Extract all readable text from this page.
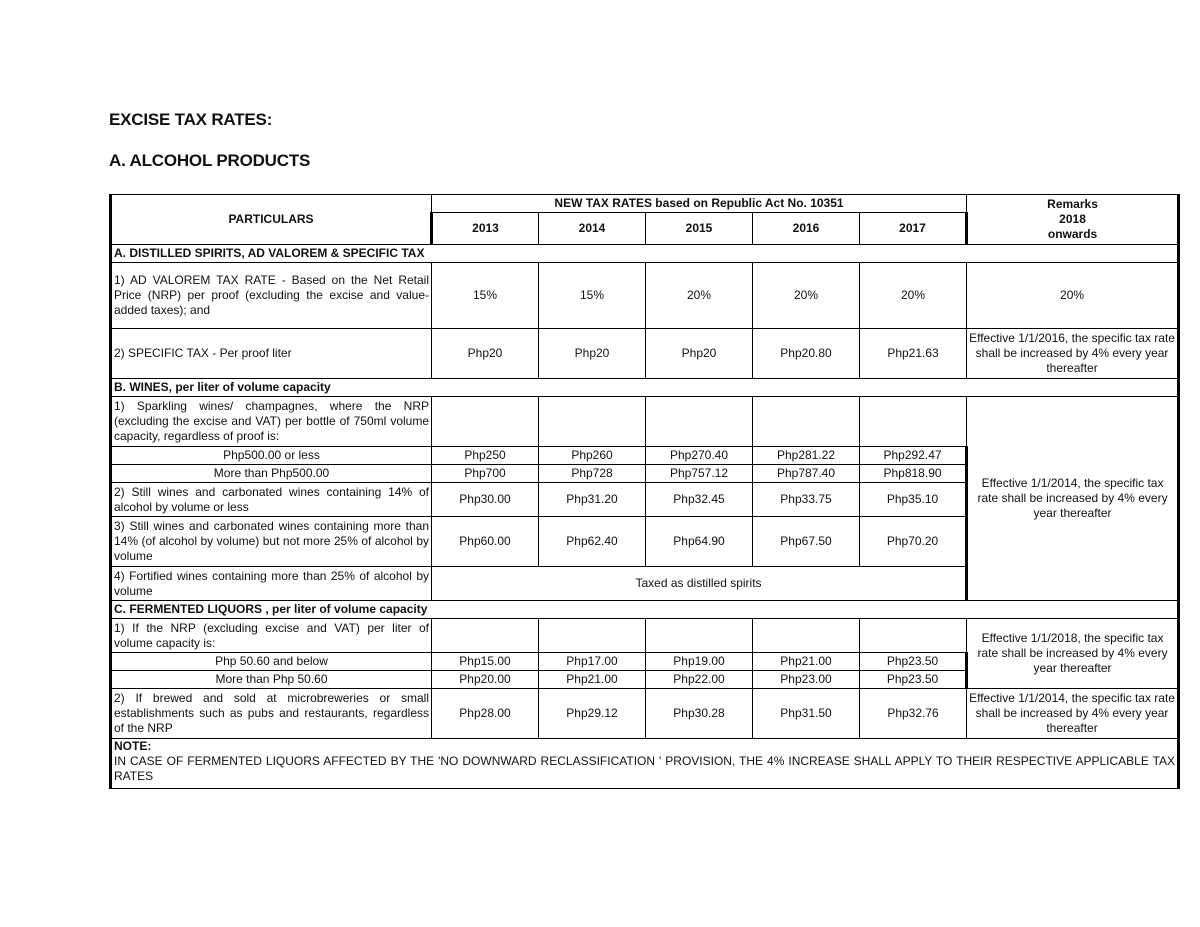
EXCISE TAX RATES:
A. ALCOHOL PRODUCTS
PARTICULARS	NEW TAX RATES based on Republic Act No. 10351					Remarks
2018
onwards

	2013	2014	2015	2016	2017	
A. DISTILLED SPIRITS, AD VALOREM & SPECIFIC TAX						
1) AD VALOREM TAX RATE - Based on the Net Retail Price (NRP) per proof (excluding the excise and value-added taxes); and	15%	15%	20%	20%	20%	20%
2) SPECIFIC TAX - Per proof liter	Php20	Php20	Php20	Php20.80	Php21.63	Effective 1/1/2016, the specific tax rate shall be increased by 4% every year thereafter
B. WINES, per liter of volume capacity						
1) Sparkling wines/ champagnes, where the NRP (excluding the excise and VAT) per bottle of 750ml volume capacity, regardless of proof is:						Effective 1/1/2014, the specific tax rate shall be increased by 4% every year thereafter
Php500.00 or less	Php250	Php260	Php270.40	Php281.22	Php292.47	
More than Php500.00	Php700	Php728	Php757.12	Php787.40	Php818.90	
2) Still wines and carbonated wines containing 14% of alcohol by volume or less	Php30.00	Php31.20	Php32.45	Php33.75	Php35.10	
3) Still wines and carbonated wines containing more than 14% (of alcohol by volume) but not more 25% of alcohol by volume	Php60.00	Php62.40	Php64.90	Php67.50	Php70.20	
4) Fortified wines containing more than 25% of alcohol by volume	Taxed as distilled spirits					
C. FERMENTED LIQUORS , per liter of volume capacity						
1) If the NRP (excluding excise and VAT) per liter of volume capacity is:						Effective 1/1/2018, the specific tax rate shall be increased by 4% every year thereafter
Php 50.60 and below	Php15.00	Php17.00	Php19.00	Php21.00	Php23.50	
More than Php 50.60	Php20.00	Php21.00	Php22.00	Php23.00	Php23.50	
2) If brewed and sold at microbreweries or small establishments such as pubs and restaurants, regardless of the NRP	Php28.00	Php29.12	Php30.28	Php31.50	Php32.76	Effective 1/1/2014, the specific tax rate shall be increased by 4% every year thereafter

NOTE:
IN CASE OF FERMENTED LIQUORS AFFECTED BY THE 'NO DOWNWARD RECLASSIFICATION ' PROVISION, THE 4% INCREASE SHALL APPLY TO THEIR RESPECTIVE APPLICABLE TAX RATES						
